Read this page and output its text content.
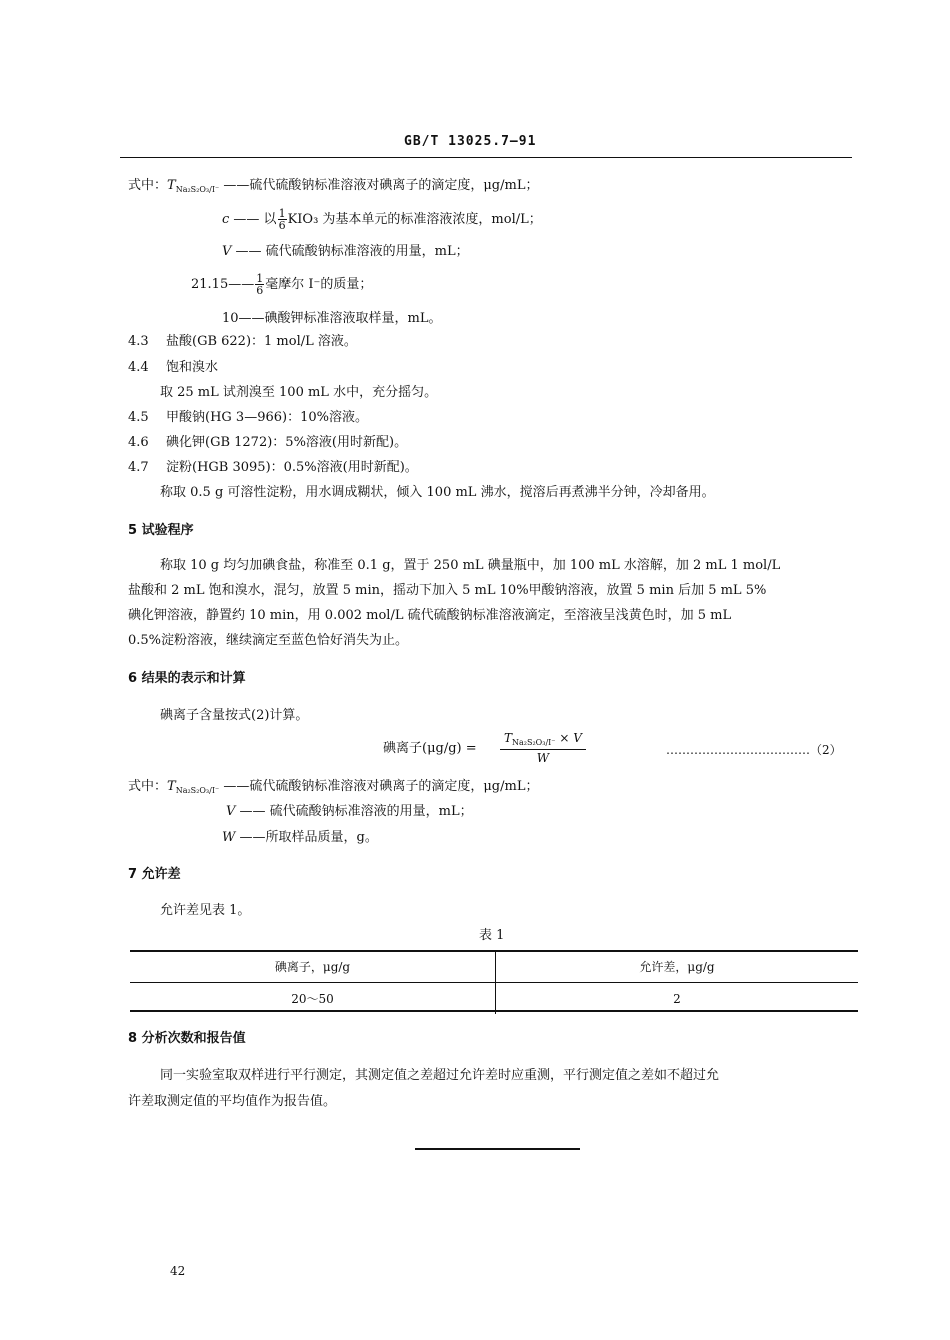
GB/T 13025.7—91
式中：$T_{Na_2S_2O_3/I^-}$ ——硫代硫酸钠标准溶液对碘离子的滴定度，μg/mL；
c —— 以 $\frac{1}{6} KIO_3$ 为基本单元的标准溶液浓度，mol/L；
V —— 硫代硫酸钠标准溶液的用量，mL；
21.15—— $\frac{1}{6}$ 毫摩尔 I⁻的质量；
10——碘酸钾标准溶液取样量，mL。
4.3 盐酸(GB 622)：1 mol/L 溶液。
4.4 饱和溴水
取 25 mL 试剂溴至 100 mL 水中，充分摇匀。
4.5 甲酸钠(HG 3—966)：10%溶液。
4.6 碘化钾(GB 1272)：5%溶液(用时新配)。
4.7 淀粉(HGB 3095)：0.5%溶液(用时新配)。
称取 0.5 g 可溶性淀粉，用水调成糊状，倾入 100 mL 沸水，搅溶后再煮沸半分钟，冷却备用。
5 试验程序
称取 10 g 均匀加碘食盐，称准至 0.1 g，置于 250 mL 碘量瓶中，加 100 mL 水溶解，加 2 mL 1 mol/L
盐酸和 2 mL 饱和溴水，混匀，放置 5 min，摇动下加入 5 mL 10%甲酸钠溶液，放置 5 min 后加 5 mL 5%
碘化钾溶液，静置约 10 min，用 0.002 mol/L 硫代硫酸钠标准溶液滴定，至溶液呈浅黄色时，加 5 mL
0.5%淀粉溶液，继续滴定至蓝色恰好消失为止。
6 结果的表示和计算
碘离子含量按式(2)计算。
碘离子(μg/g) =
$T_{Na_2S_2O_3/I^-} \times V$
W
………………………………（2）
式中：$T_{Na_2S_2O_3/I^-}$ ——硫代硫酸钠标准溶液对碘离子的滴定度，μg/mL；
V —— 硫代硫酸钠标准溶液的用量，mL；
W ——所取样品质量，g。
7 允许差
允许差见表 1。
表 1
碘离子，μg/g	允许差，μg/g
20～50	2
8 分析次数和报告值
同一实验室取双样进行平行测定，其测定值之差超过允许差时应重测，平行测定值之差如不超过允
许差取测定值的平均值作为报告值。
42
